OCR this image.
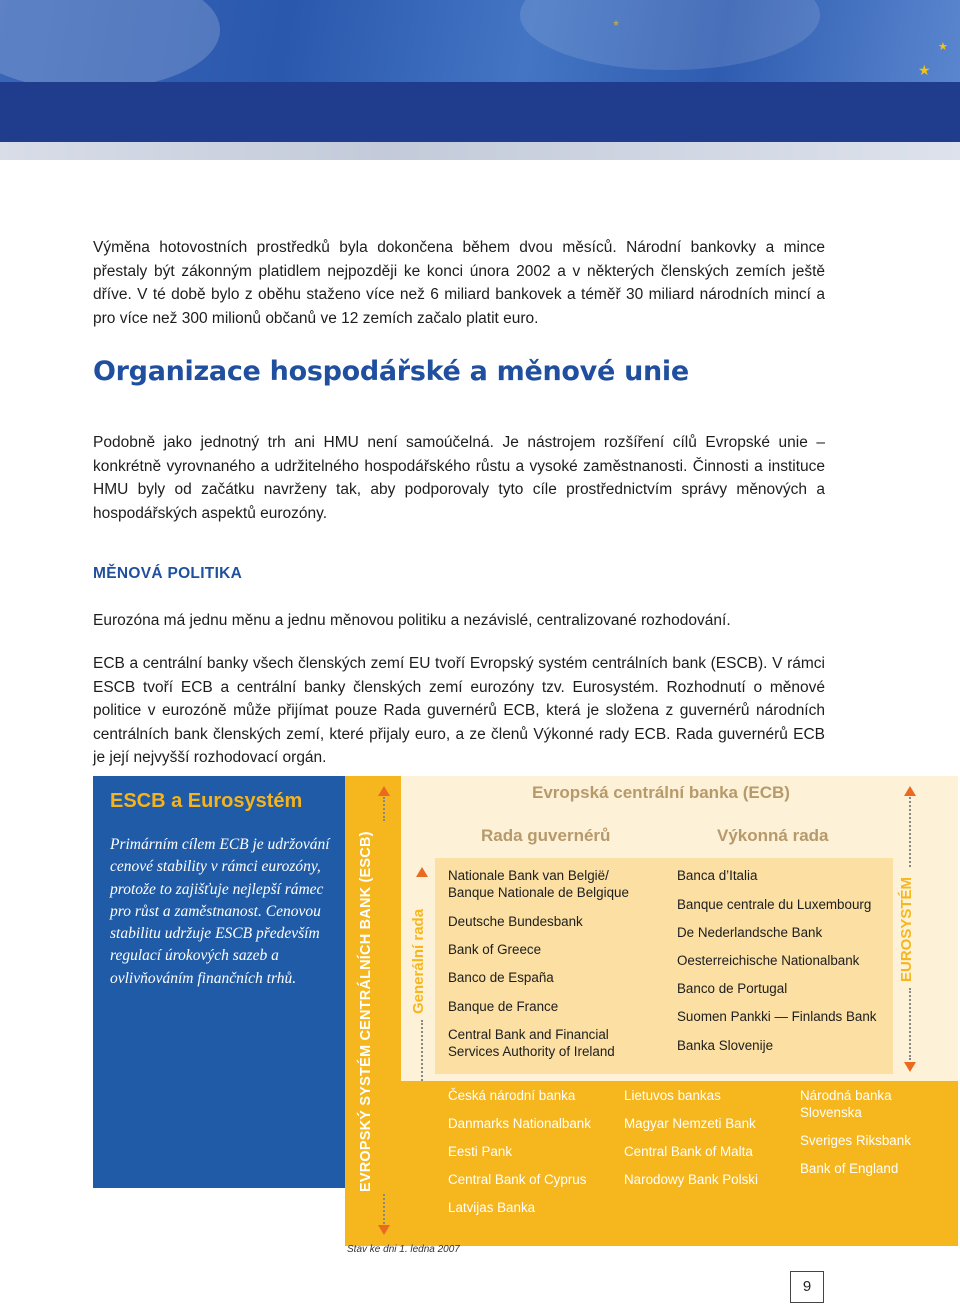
★
★
★

Výměna hotovostních prostředků byla dokončena během dvou měsíců. Národní bankovky a mince přestaly být zákonným platidlem nejpozději ke konci února 2002 a v některých členských zemích ještě dříve. V té době bylo z oběhu staženo více než 6 miliard bankovek a téměř 30 miliard národních mincí a pro více než 300 milionů občanů ve 12 zemích začalo platit euro.

Organizace hospodářské a měnové unie

Podobně jako jednotný trh ani HMU není samoúčelná. Je nástrojem rozšíření cílů Evropské unie – konkrétně vyrovnaného a udržitelného hospodářského růstu a vysoké zaměstnanosti. Činnosti a instituce HMU byly od začátku navrženy tak, aby podporovaly tyto cíle prostřednictvím správy měnových a hospodářských aspektů eurozóny.

MĚNOVÁ POLITIKA

Eurozóna má jednu měnu a jednu měnovou politiku a nezávislé, centralizované rozhodování.

ECB a centrální banky všech členských zemí EU tvoří Evropský systém centrálních bank (ESCB). V rámci ESCB tvoří ECB a centrální banky členských zemí eurozóny tzv. Eurosystém. Rozhodnutí o měnové politice v eurozóně může přijímat pouze Rada guvernérů ECB, která je složena z guvernérů národních centrálních bank členských zemí, které přijaly euro, a ze členů Výkonné rady ECB. Rada guvernérů ECB je její nejvyšší rozhodovací orgán.

ESCB a Eurosystém
Primárním cílem ECB je udržování cenové stability v rámci eurozóny, protože to zajišťuje nejlepší rámec pro růst a zaměstnanost. Cenovou stabilitu udržuje ESCB především regulací úrokových sazeb a ovlivňováním finančních trhů.	EVROPSKÝ SYSTÉM CENTRÁLNÍCH BANK (ESCB)
Evropská centrální banka (ECB)
Rada guvernérů	Výkonná rada
Nationale Bank van België/ Banque Nationale de Belgique
Deutsche Bundesbank
Bank of Greece
Banco de España
Banque de France
Central Bank and Financial Services Authority of Ireland
Banca d’Italia
Banque centrale du Luxembourg
De Nederlandsche Bank
Oesterreichische Nationalbank
Banco de Portugal
Suomen Pankki — Finlands Bank
Banka Slovenije
Generální rada	EUROSYSTÉM
Česká národní banka
Danmarks Nationalbank
Eesti Pank
Central Bank of Cyprus
Latvijas Banka
Lietuvos bankas
Magyar Nemzeti Bank
Central Bank of Malta
Narodowy Bank Polski
Národná banka Slovenska
Sveriges Riksbank
Bank of England
Stav ke dni 1. ledna 2007
9
